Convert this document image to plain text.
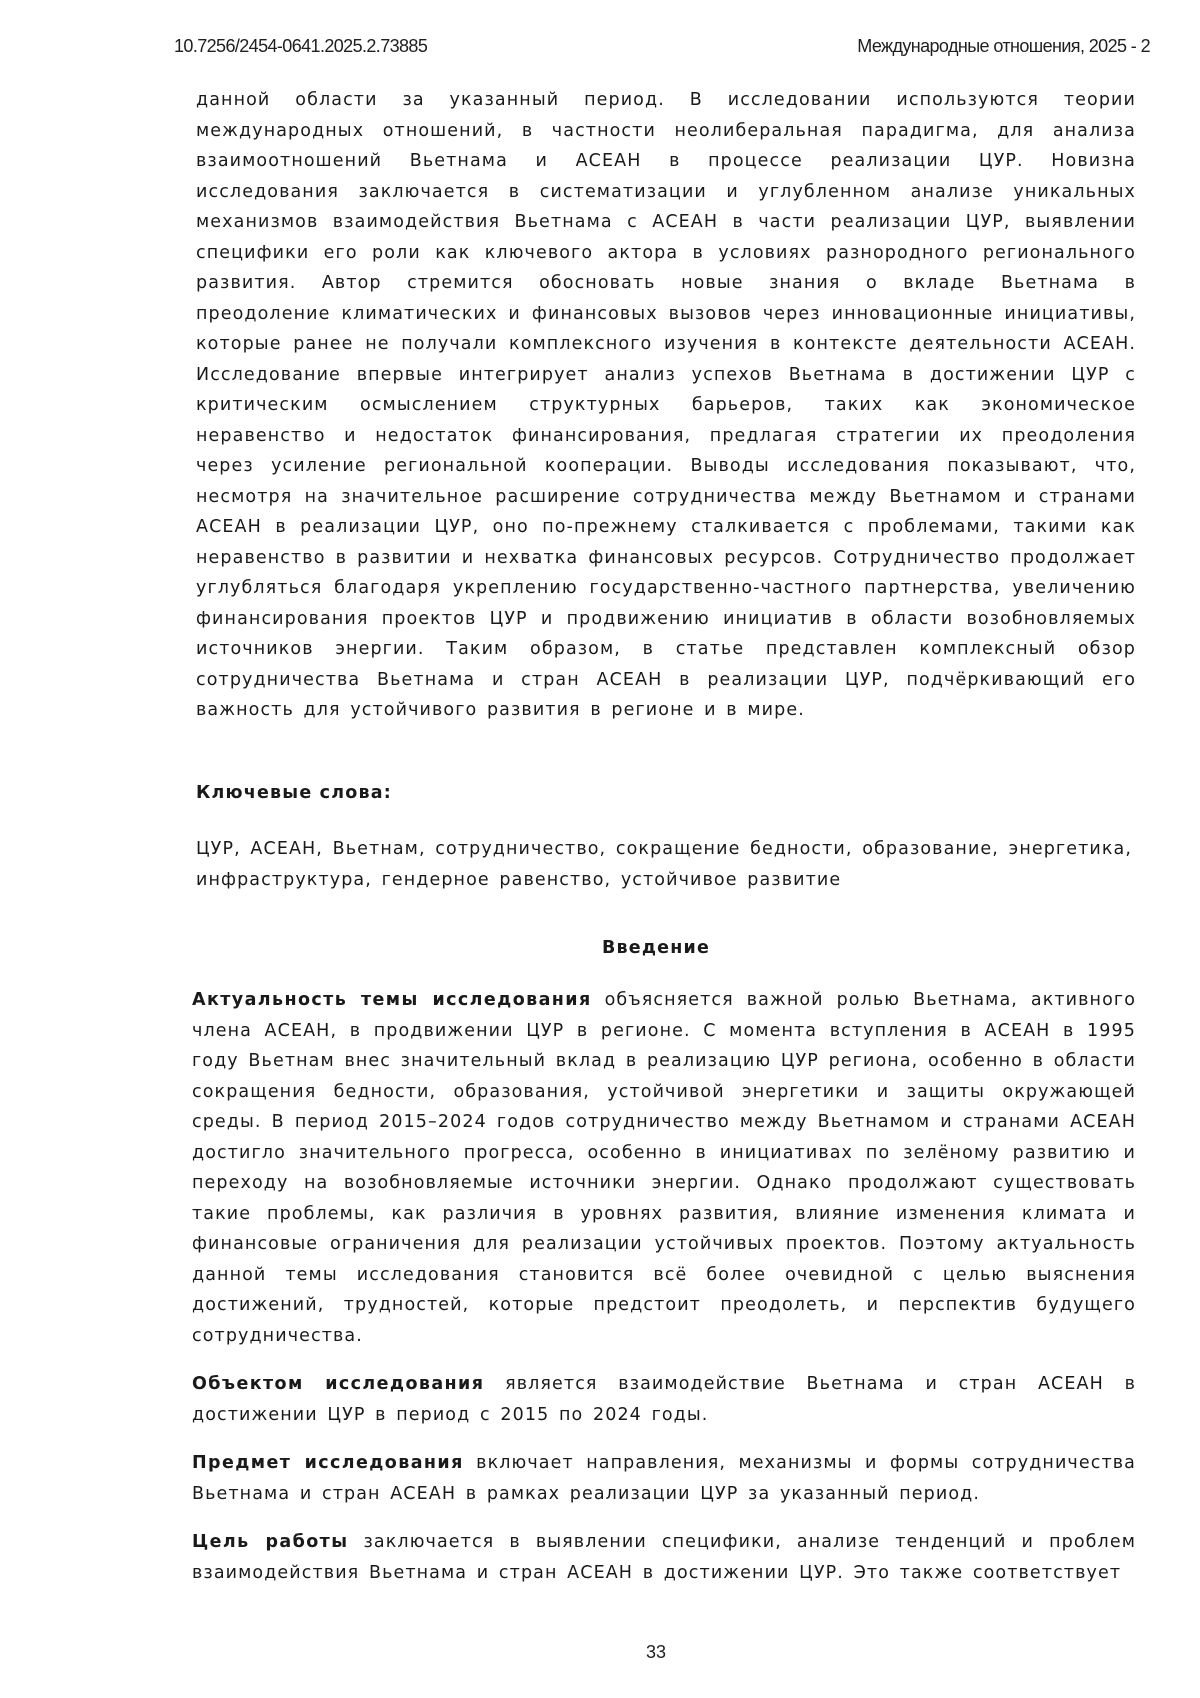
10.7256/2454-0641.2025.2.73885	Международные отношения, 2025 - 2

данной области за указанный период. В исследовании используются теории международных отношений, в частности неолиберальная парадигма, для анализа взаимоотношений Вьетнама и АСЕАН в процессе реализации ЦУР. Новизна исследования заключается в систематизации и углубленном анализе уникальных механизмов взаимодействия Вьетнама с АСЕАН в части реализации ЦУР, выявлении специфики его роли как ключевого актора в условиях разнородного регионального развития. Автор стремится обосновать новые знания о вкладе Вьетнама в преодоление климатических и финансовых вызовов через инновационные инициативы, которые ранее не получали комплексного изучения в контексте деятельности АСЕАН. Исследование впервые интегрирует анализ успехов Вьетнама в достижении ЦУР с критическим осмыслением структурных барьеров, таких как экономическое неравенство и недостаток финансирования, предлагая стратегии их преодоления через усиление региональной кооперации. Выводы исследования показывают, что, несмотря на значительное расширение сотрудничества между Вьетнамом и странами АСЕАН в реализации ЦУР, оно по-прежнему сталкивается с проблемами, такими как неравенство в развитии и нехватка финансовых ресурсов. Сотрудничество продолжает углубляться благодаря укреплению государственно-частного партнерства, увеличению финансирования проектов ЦУР и продвижению инициатив в области возобновляемых источников энергии. Таким образом, в статье представлен комплексный обзор сотрудничества Вьетнама и стран АСЕАН в реализации ЦУР, подчёркивающий его важность для устойчивого развития в регионе и в мире.

Ключевые слова:

ЦУР, АСЕАН, Вьетнам, сотрудничество, сокращение бедности, образование, энергетика, инфраструктура, гендерное равенство, устойчивое развитие

Введение

Актуальность темы исследования объясняется важной ролью Вьетнама, активного члена АСЕАН, в продвижении ЦУР в регионе. С момента вступления в АСЕАН в 1995 году Вьетнам внес значительный вклад в реализацию ЦУР региона, особенно в области сокращения бедности, образования, устойчивой энергетики и защиты окружающей среды. В период 2015–2024 годов сотрудничество между Вьетнамом и странами АСЕАН достигло значительного прогресса, особенно в инициативах по зелёному развитию и переходу на возобновляемые источники энергии. Однако продолжают существовать такие проблемы, как различия в уровнях развития, влияние изменения климата и финансовые ограничения для реализации устойчивых проектов. Поэтому актуальность данной темы исследования становится всё более очевидной с целью выяснения достижений, трудностей, которые предстоит преодолеть, и перспектив будущего сотрудничества.

Объектом исследования является взаимодействие Вьетнама и стран АСЕАН в достижении ЦУР в период с 2015 по 2024 годы.

Предмет исследования включает направления, механизмы и формы сотрудничества Вьетнама и стран АСЕАН в рамках реализации ЦУР за указанный период.

Цель работы заключается в выявлении специфики, анализе тенденций и проблем взаимодействия Вьетнама и стран АСЕАН в достижении ЦУР. Это также соответствует

33
